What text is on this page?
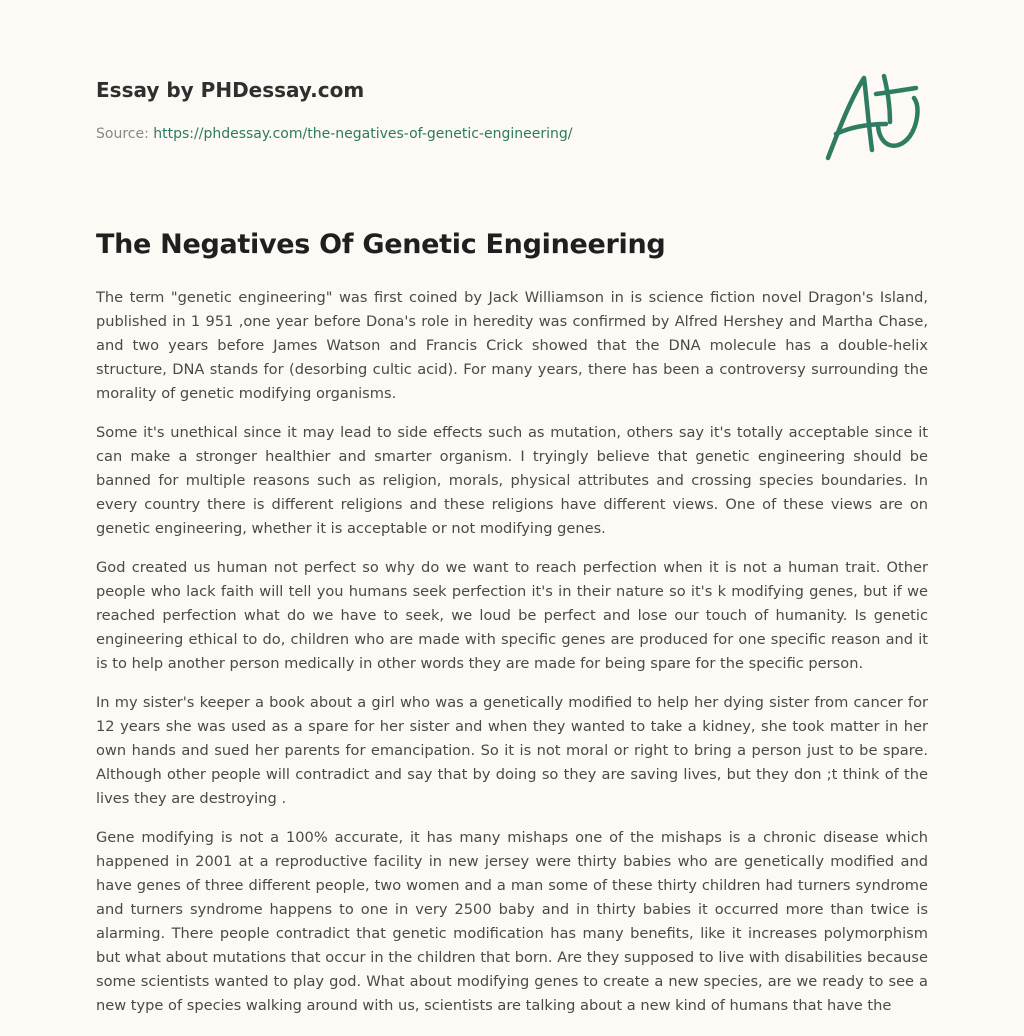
Essay by PHDessay.com
Source: https://phdessay.com/the-negatives-of-genetic-engineering/
The Negatives Of Genetic Engineering

The term "genetic engineering" was first coined by Jack Williamson in is science fiction novel Dragon's Island, published in 1 951 ,one year before Dona's role in heredity was confirmed by Alfred Hershey and Martha Chase, and two years before James Watson and Francis Crick showed that the DNA molecule has a double-helix structure, DNA stands for (desorbing cultic acid). For many years, there has been a controversy surrounding the morality of genetic modifying organisms.

Some it's unethical since it may lead to side effects such as mutation, others say it's totally acceptable since it can make a stronger healthier and smarter organism. I tryingly believe that genetic engineering should be banned for multiple reasons such as religion, morals, physical attributes and crossing species boundaries. In every country there is different religions and these religions have different views. One of these views are on genetic engineering, whether it is acceptable or not modifying genes.

God created us human not perfect so why do we want to reach perfection when it is not a human trait. Other people who lack faith will tell you humans seek perfection it's in their nature so it's k modifying genes, but if we reached perfection what do we have to seek, we loud be perfect and lose our touch of humanity. Is genetic engineering ethical to do, children who are made with specific genes are produced for one specific reason and it is to help another person medically in other words they are made for being spare for the specific person.

In my sister's keeper a book about a girl who was a genetically modified to help her dying sister from cancer for 12 years she was used as a spare for her sister and when they wanted to take a kidney, she took matter in her own hands and sued her parents for emancipation. So it is not moral or right to bring a person just to be spare. Although other people will contradict and say that by doing so they are saving lives, but they don ;t think of the lives they are destroying .

Gene modifying is not a 100% accurate, it has many mishaps one of the mishaps is a chronic disease which happened in 2001 at a reproductive facility in new jersey were thirty babies who are genetically modified and have genes of three different people, two women and a man some of these thirty children had turners syndrome and turners syndrome happens to one in very 2500 baby and in thirty babies it occurred more than twice is alarming. There people contradict that genetic modification has many benefits, like it increases polymorphism but what about mutations that occur in the children that born. Are they supposed to live with disabilities because some scientists wanted to play god. What about modifying genes to create a new species, are we ready to see a new type of species walking around with us, scientists are talking about a new kind of humans that have the
